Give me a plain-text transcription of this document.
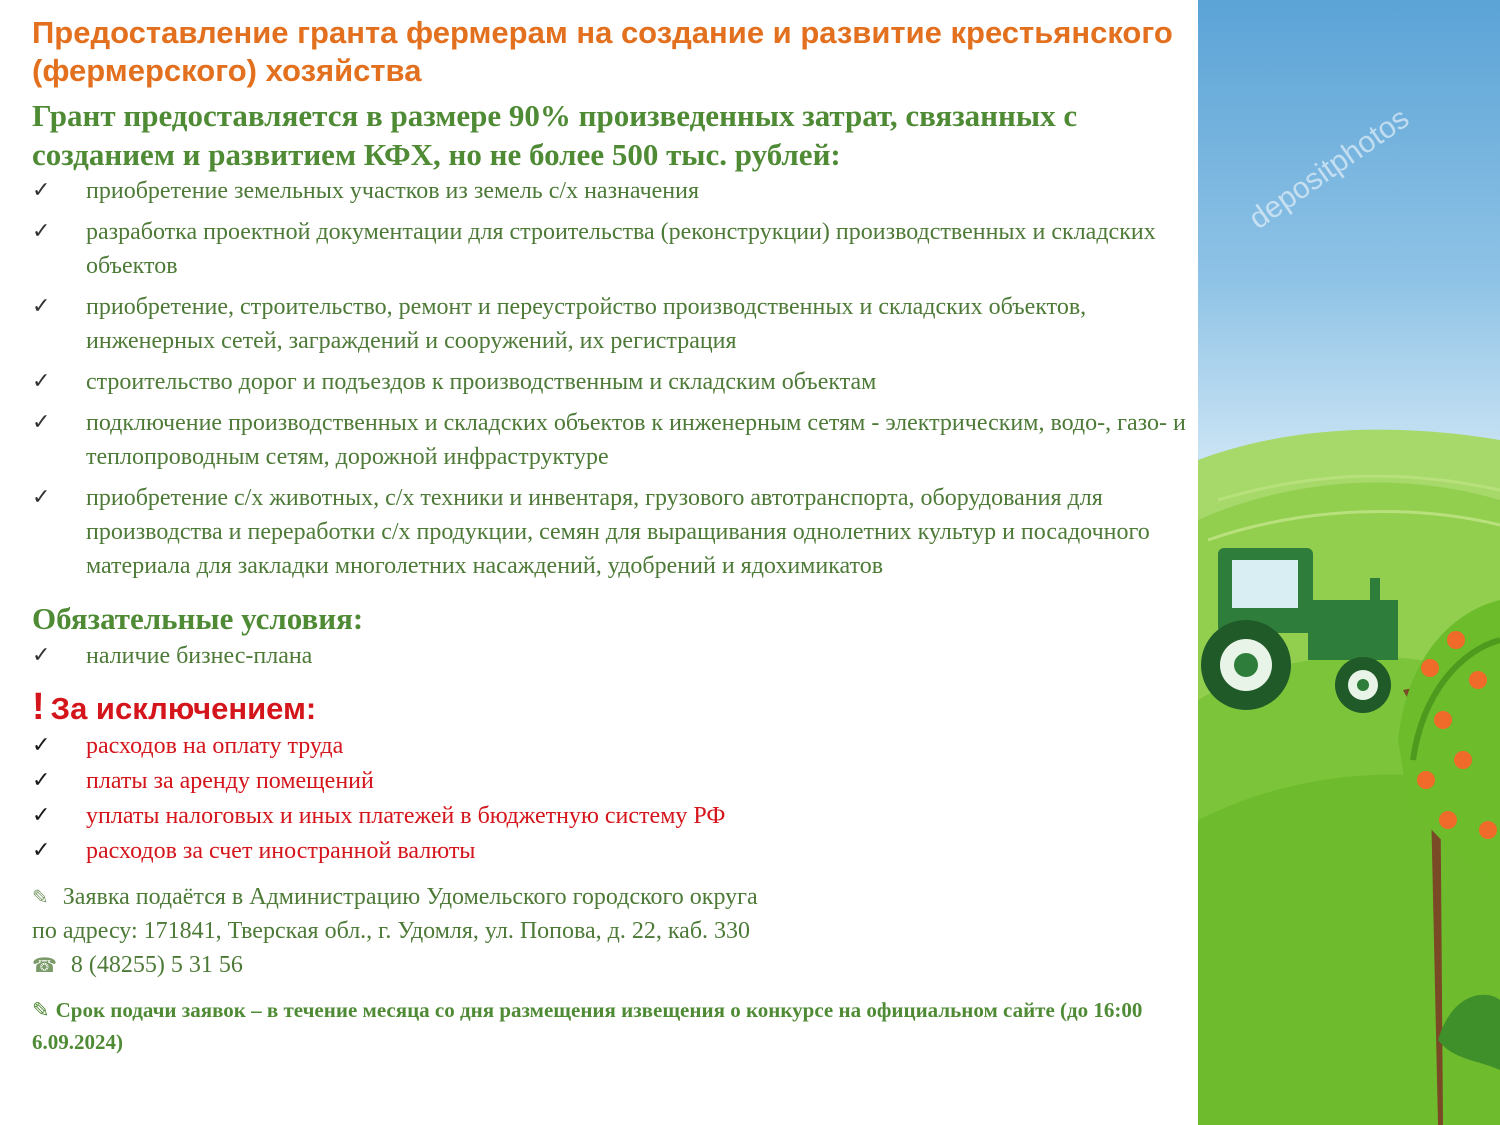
Предоставление гранта фермерам на создание и развитие крестьянского (фермерского) хозяйства

Грант предоставляется в размере 90% произведенных затрат, связанных с созданием и развитием КФХ, но не более 500 тыс. рублей:

✓ приобретение земельных участков из земель с/х назначения
✓ разработка проектной документации для строительства (реконструкции) производственных и складских объектов
✓ приобретение, строительство, ремонт и переустройство производственных и складских объектов, инженерных сетей, заграждений и сооружений, их регистрация
✓ строительство дорог и подъездов к производственным и складским объектам
✓ подключение производственных и складских объектов к инженерным сетям - электрическим, водо-, газо- и теплопроводным сетям, дорожной инфраструктуре
✓ приобретение с/х животных, с/х техники и инвентаря, грузового автотранспорта, оборудования для производства и переработки с/х продукции, семян для выращивания однолетних культур и посадочного материала для закладки многолетних насаждений, удобрений и ядохимикатов
Обязательные условия:
✓ наличие бизнес-плана
! За исключением:
✓ расходов на оплату труда
✓ платы за аренду помещений
✓ уплаты налоговых и иных платежей в бюджетную систему РФ
✓ расходов за счет иностранной валюты
✎ Заявка подаётся в Администрацию Удомельского городского округа
по адресу: 171841, Тверская обл., г. Удомля, ул. Попова, д. 22, каб. 330
☎ 8 (48255) 5 31 56
✎ Срок подачи заявок – в течение месяца со дня размещения извещения о конкурсе на официальном сайте (до 16:00 6.09.2024)
depositphotos
